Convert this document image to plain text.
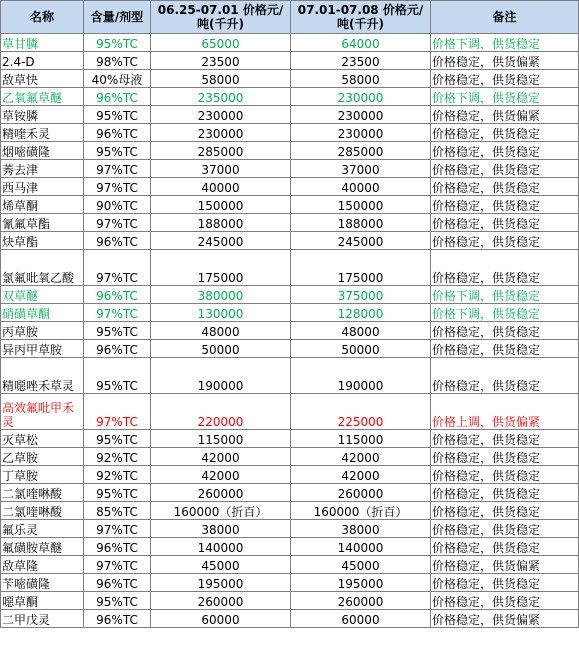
名称	含量/剂型	06.25-07.01 价格元/吨(千升)	07.01-07.08 价格元/吨(千升)	备注
草甘膦	95%TC	65000	64000	价格下调，供货稳定
2.4-D	98%TC	23500	23500	价格稳定，供货偏紧
敌草快	40%母液	58000	58000	价格稳定，供货稳定
乙氧氟草醚	96%TC	235000	230000	价格下调，供货稳定
草铵膦	95%TC	230000	230000	价格稳定，供货偏紧
精喹禾灵	96%TC	230000	230000	价格稳定，供货稳定
烟嘧磺隆	95%TC	285000	285000	价格稳定，供货稳定
莠去津	97%TC	37000	37000	价格稳定，供货稳定
西马津	97%TC	40000	40000	价格稳定，供货稳定
烯草酮	90%TC	150000	150000	价格稳定，供货稳定
氰氟草酯	97%TC	188000	188000	价格稳定，供货稳定
炔草酯	96%TC	245000	245000	价格稳定，供货稳定
氯氟吡氧乙酸	97%TC	175000	175000	价格稳定，供货稳定
双草醚	96%TC	380000	375000	价格下调，供货稳定
硝磺草酮	97%TC	130000	128000	价格下调，供货稳定
丙草胺	95%TC	48000	48000	价格稳定，供货稳定
异丙甲草胺	96%TC	50000	50000	价格稳定，供货稳定
精噁唑禾草灵	95%TC	190000	190000	价格稳定，供货稳定
高效氟吡甲禾灵	97%TC	220000	225000	价格上调，供货偏紧
灭草松	95%TC	115000	115000	价格稳定，供货稳定
乙草胺	92%TC	42000	42000	价格稳定，供货稳定
丁草胺	92%TC	42000	42000	价格稳定，供货稳定
二氯喹啉酸	95%TC	260000	260000	价格稳定，供货稳定
二氯喹啉酸	85%TC	160000（折百）	160000（折百）	价格稳定，供货稳定
氟乐灵	97%TC	38000	38000	价格稳定，供货稳定
氟磺胺草醚	96%TC	140000	140000	价格稳定，供货稳定
敌草隆	97%TC	45000	45000	价格稳定，供货偏紧
苄嘧磺隆	96%TC	195000	195000	价格稳定，供货稳定
噁草酮	95%TC	260000	260000	价格稳定，供货稳定
二甲戊灵	96%TC	60000	60000	价格稳定，供货偏紧
